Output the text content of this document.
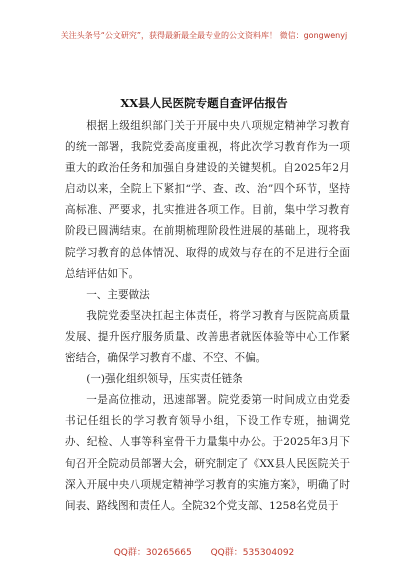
关注头条号“公文研究”，获得最新最全最专业的公文资料库！ 微信：gongwenyj
XX县人民医院专题自查评估报告

根据上级组织部门关于开展中央八项规定精神学习教育的统一部署，我院党委高度重视，将此次学习教育作为一项重大的政治任务和加强自身建设的关键契机。自2025年2月启动以来，全院上下紧扣“学、查、改、治”四个环节，坚持高标准、严要求，扎实推进各项工作。目前，集中学习教育阶段已圆满结束。在前期梳理阶段性进展的基础上，现将我院学习教育的总体情况、取得的成效与存在的不足进行全面总结评估如下。

一、主要做法

我院党委坚决扛起主体责任，将学习教育与医院高质量发展、提升医疗服务质量、改善患者就医体验等中心工作紧密结合，确保学习教育不虚、不空、不偏。

(一)强化组织领导，压实责任链条

一是高位推动，迅速部署。院党委第一时间成立由党委书记任组长的学习教育领导小组，下设工作专班，抽调党办、纪检、人事等科室骨干力量集中办公。于2025年3月下旬召开全院动员部署大会，研究制定了《XX县人民医院关于深入开展中央八项规定精神学习教育的实施方案》，明确了时间表、路线图和责任人。全院32个党支部、1258名党员于

QQ群：30265665 QQ群：535304092
